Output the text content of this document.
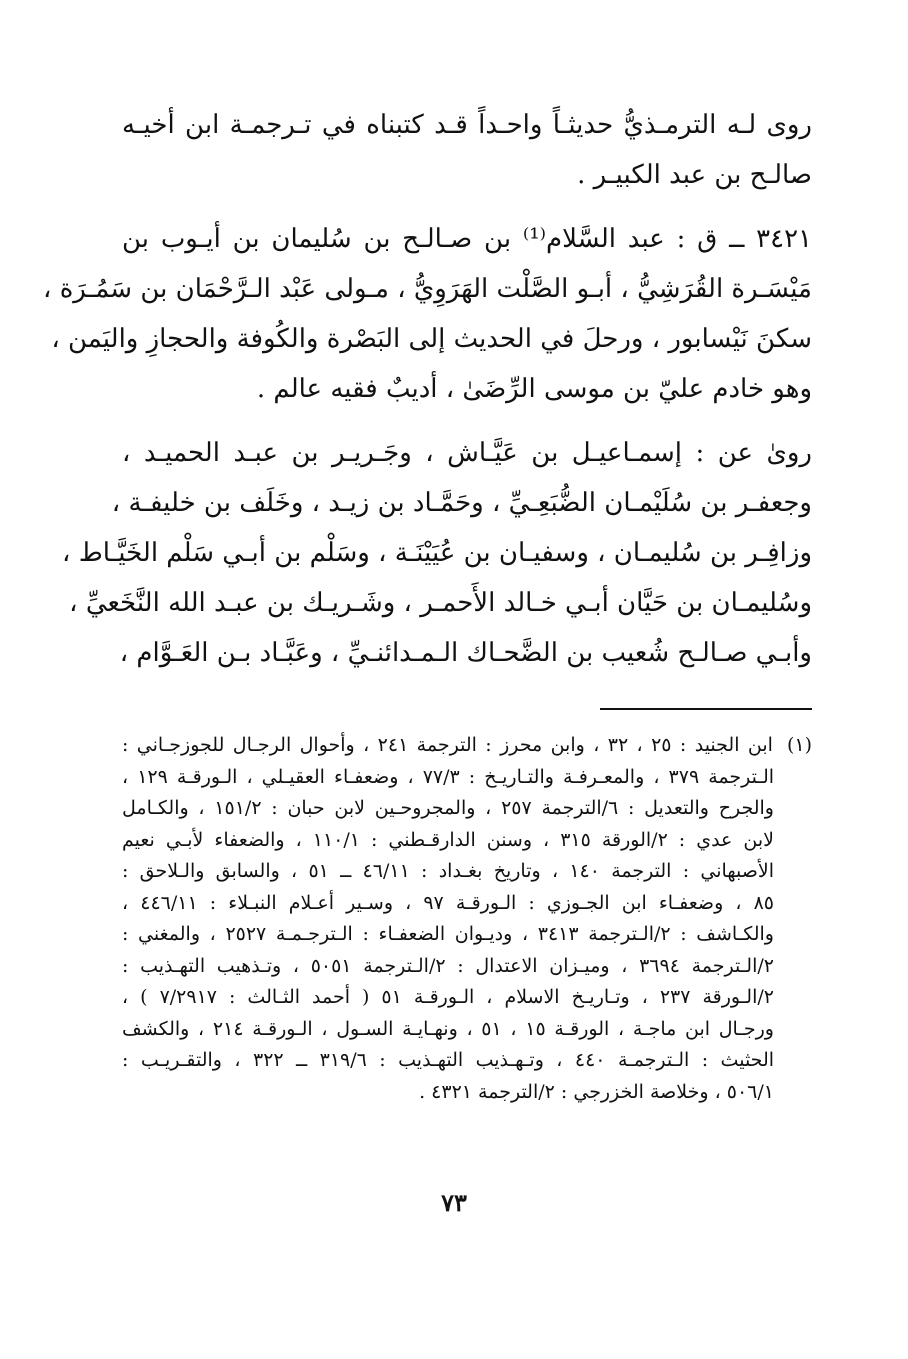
روى لـه الترمـذيُّ حديثـاً واحـداً قـد كتبناه في تـرجمـة ابن أخيـه
صالـح بن عبد الكبيـر .
٣٤٢١ ــ ق : عبد السَّلام⁽¹⁾ بن صـالـح بن سُليمان بن أيـوب بن
مَيْسَـرة القُرَشِيُّ ، أبـو الصَّلْت الهَرَوِيُّ ، مـولى عَبْد الـرَّحْمَان بن سَمُـرَة ،
سكنَ نَيْسابور ، ورحلَ في الحديث إلى البَصْرة والكُوفة والحجازِ واليَمن ،
وهو خادم عليّ بن موسى الرِّضَىٰ ، أديبٌ فقيه عالم .
روىٰ عن : إسمـاعيـل بن عَيَّـاش ، وجَـريـر بن عبـد الحميـد ،
وجعفـر بن سُلَيْمـان الضُّبَعِـيِّ ، وحَمَّـاد بن زيـد ، وخَلَف بن خليفـة ،
وزافِـر بن سُليمـان ، وسفيـان بن عُيَيْنَـة ، وسَلْم بن أبـي سَلْم الخَيَّـاط ،
وسُليمـان بن حَيَّان أبـي خـالد الأَحمـر ، وشَـريـك بن عبـد الله النَّخَعيِّ ،
وأبـي صـالـح شُعيب بن الضَّحـاك الـمـدائنـيِّ ، وعَبَّـاد بـن العَـوَّام ،
(١)ابن الجنيد : ٢٥ ، ٣٢ ، وابن محرز : الترجمة ٢٤١ ، وأحوال الرجـال للجوزجـاني :
الـترجمة ٣٧٩ ، والمعـرفـة والتـاريـخ : ٧٧/٣ ، وضعفـاء العقيـلي ، الـورقـة ١٢٩ ،
والجرح والتعديل : ٦/الترجمة ٢٥٧ ، والمجروحـين لابن حبان : ١٥١/٢ ، والكـامل
لابن عدي : ٢/الورقة ٣١٥ ، وسنن الدارقـطني : ١١٠/١ ، والضعفاء لأبـي نعيم
الأصبهاني : الترجمة ١٤٠ ، وتاريخ بغـداد : ٤٦/١١ ــ ٥١ ، والسابق والـلاحق :
٨٥ ، وضعفـاء ابن الجـوزي : الـورقـة ٩٧ ، وسـير أعـلام النبـلاء : ٤٤٦/١١ ،
والكـاشف : ٢/الـترجمة ٣٤١٣ ، وديـوان الضعفـاء : الـترجـمـة ٢٥٢٧ ، والمغني :
٢/الـترجمة ٣٦٩٤ ، وميـزان الاعتدال : ٢/الـترجمة ٥٠٥١ ، وتـذهيب التهـذيب :
٢/الـورقة ٢٣٧ ، وتـاريـخ الاسلام ، الـورقـة ٥١ ( أحمد الثـالث : ٧/٢٩١٧ ) ،
ورجـال ابن ماجـة ، الورقـة ١٥ ، ٥١ ، ونهـايـة السـول ، الـورقـة ٢١٤ ، والكشف
الحثيث : الـترجمـة ٤٤٠ ، وتـهـذيب التهـذيب : ٣١٩/٦ ــ ٣٢٢ ، والتقـريـب :
٥٠٦/١ ، وخلاصة الخزرجي : ٢/الترجمة ٤٣٢١ .
٧٣
